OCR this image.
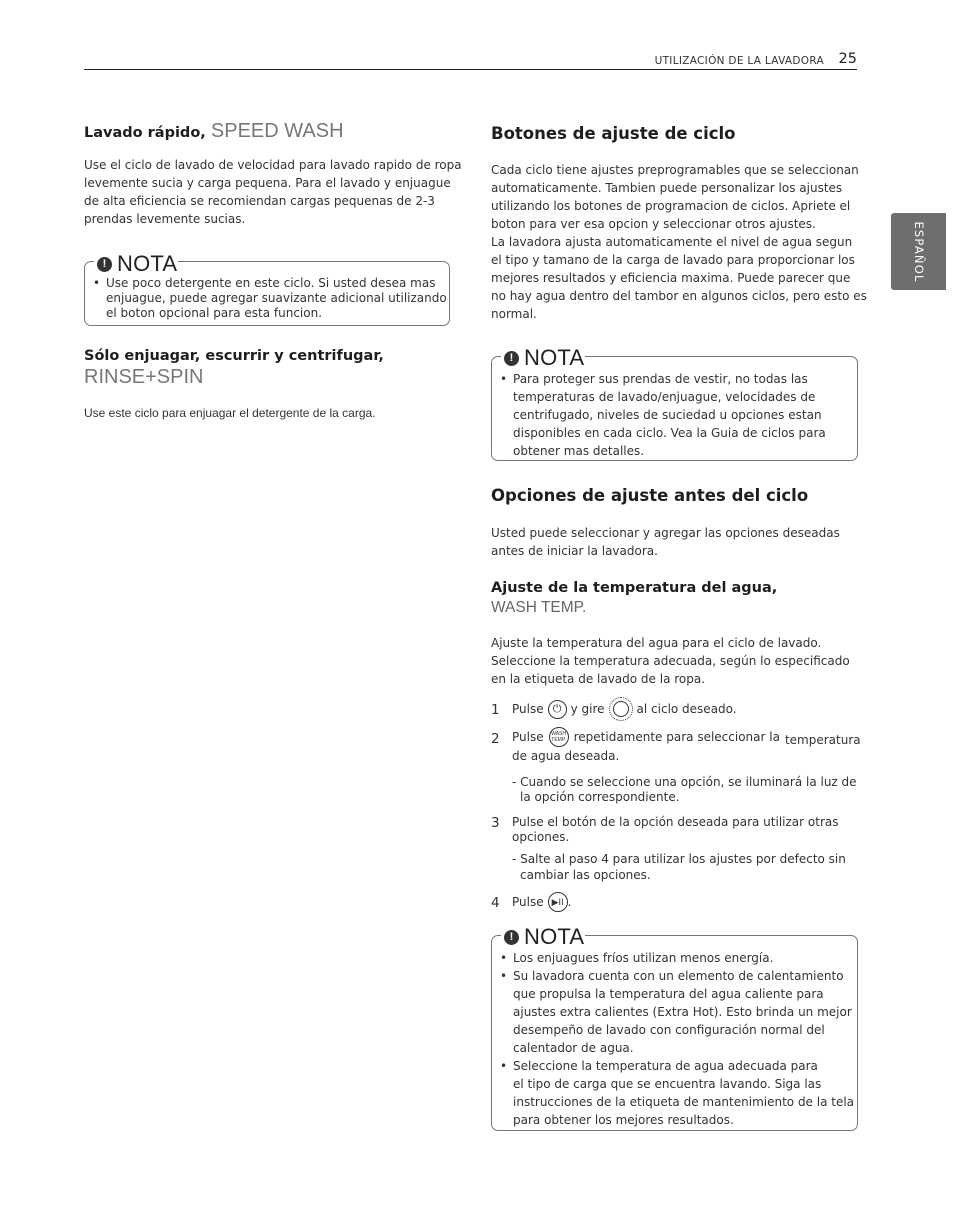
UTILIZACIÓN DE LA LAVADORA 25
ESPAÑOL
Lavado rápido, SPEED WASH
Use el ciclo de lavado de velocidad para lavado rapido de ropa
levemente sucia y carga pequena. Para el lavado y enjuague
de alta eficiencia se recomiendan cargas pequenas de 2-3
prendas levemente sucias.
! NOTA
• Use poco detergente en este ciclo. Si usted desea mas
enjuague, puede agregar suavizante adicional utilizando
el boton opcional para esta funcion.
Sólo enjuagar, escurrir y centrifugar,
RINSE+SPIN
Use este ciclo para enjuagar el detergente de la carga.
Botones de ajuste de ciclo
Cada ciclo tiene ajustes preprogramables que se seleccionan
automaticamente. Tambien puede personalizar los ajustes
utilizando los botones de programacion de ciclos. Apriete el
boton para ver esa opcion y seleccionar otros ajustes.
La lavadora ajusta automaticamente el nivel de agua segun
el tipo y tamano de la carga de lavado para proporcionar los
mejores resultados y eficiencia maxima. Puede parecer que
no hay agua dentro del tambor en algunos ciclos, pero esto es
normal.
! NOTA
• Para proteger sus prendas de vestir, no todas las
temperaturas de lavado/enjuague, velocidades de
centrifugado, niveles de suciedad u opciones estan
disponibles en cada ciclo. Vea la Guia de ciclos para
obtener mas detalles.
Opciones de ajuste antes del ciclo
Usted puede seleccionar y agregar las opciones deseadas
antes de iniciar la lavadora.
Ajuste de la temperatura del agua,
WASH TEMP.
Ajuste la temperatura del agua para el ciclo de lavado.
Seleccione la temperatura adecuada, según lo especificado
en la etiqueta de lavado de la ropa.
1 Pulse ⏻ y gire	al ciclo deseado.
2 Pulse	WASH
TEMP. repetidamente para seleccionar la temperatura
de agua deseada.
- Cuando se seleccione una opción, se iluminará la luz de
la opción correspondiente.
3 Pulse el botón de la opción deseada para utilizar otras
opciones.
- Salte al paso 4 para utilizar los ajustes por defecto sin
cambiar las opciones.
4 Pulse ▶II .
! NOTA
• Los enjuagues fríos utilizan menos energía.
• Su lavadora cuenta con un elemento de calentamiento
que propulsa la temperatura del agua caliente para
ajustes extra calientes (Extra Hot). Esto brinda un mejor
desempeño de lavado con configuración normal del
calentador de agua.
• Seleccione la temperatura de agua adecuada para
el tipo de carga que se encuentra lavando. Siga las
instrucciones de la etiqueta de mantenimiento de la tela
para obtener los mejores resultados.
